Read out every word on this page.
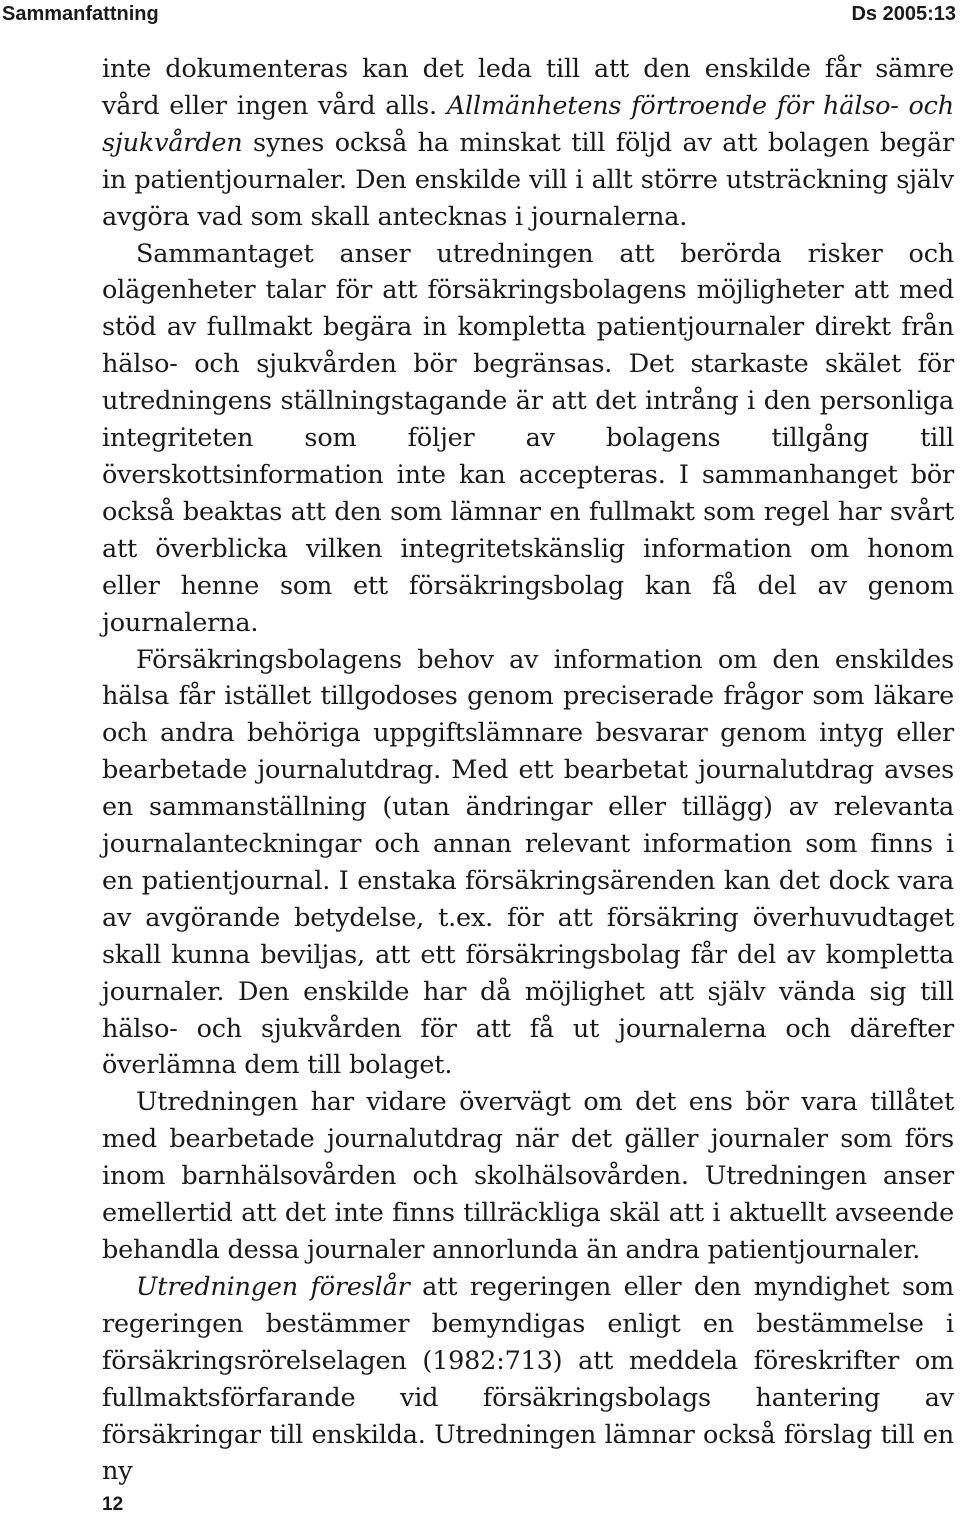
Sammanfattning	Ds 2005:13

inte dokumenteras kan det leda till att den enskilde får sämre vård eller ingen vård alls. Allmänhetens förtroende för hälso- och sjukvården synes också ha minskat till följd av att bolagen begär in patientjournaler. Den enskilde vill i allt större utsträckning själv avgöra vad som skall antecknas i journalerna.

Sammantaget anser utredningen att berörda risker och olägenheter talar för att försäkringsbolagens möjligheter att med stöd av fullmakt begära in kompletta patientjournaler direkt från hälso- och sjukvården bör begränsas. Det starkaste skälet för utredningens ställningstagande är att det intrång i den personliga integriteten som följer av bolagens tillgång till överskottsinformation inte kan accepteras. I sammanhanget bör också beaktas att den som lämnar en fullmakt som regel har svårt att överblicka vilken integritetskänslig information om honom eller henne som ett försäkringsbolag kan få del av genom journalerna.

Försäkringsbolagens behov av information om den enskildes hälsa får istället tillgodoses genom preciserade frågor som läkare och andra behöriga uppgiftslämnare besvarar genom intyg eller bearbetade journalutdrag. Med ett bearbetat journalutdrag avses en sammanställning (utan ändringar eller tillägg) av relevanta journalanteckningar och annan relevant information som finns i en patientjournal. I enstaka försäkringsärenden kan det dock vara av avgörande betydelse, t.ex. för att försäkring överhuvudtaget skall kunna beviljas, att ett försäkringsbolag får del av kompletta journaler. Den enskilde har då möjlighet att själv vända sig till hälso- och sjukvården för att få ut journalerna och därefter överlämna dem till bolaget.

Utredningen har vidare övervägt om det ens bör vara tillåtet med bearbetade journalutdrag när det gäller journaler som förs inom barnhälsovården och skolhälsovården. Utredningen anser emellertid att det inte finns tillräckliga skäl att i aktuellt avseende behandla dessa journaler annorlunda än andra patientjournaler.

Utredningen föreslår att regeringen eller den myndighet som regeringen bestämmer bemyndigas enligt en bestämmelse i försäkringsrörelselagen (1982:713) att meddela föreskrifter om fullmaktsförfarande vid försäkringsbolags hantering av försäkringar till enskilda. Utredningen lämnar också förslag till en ny

12
